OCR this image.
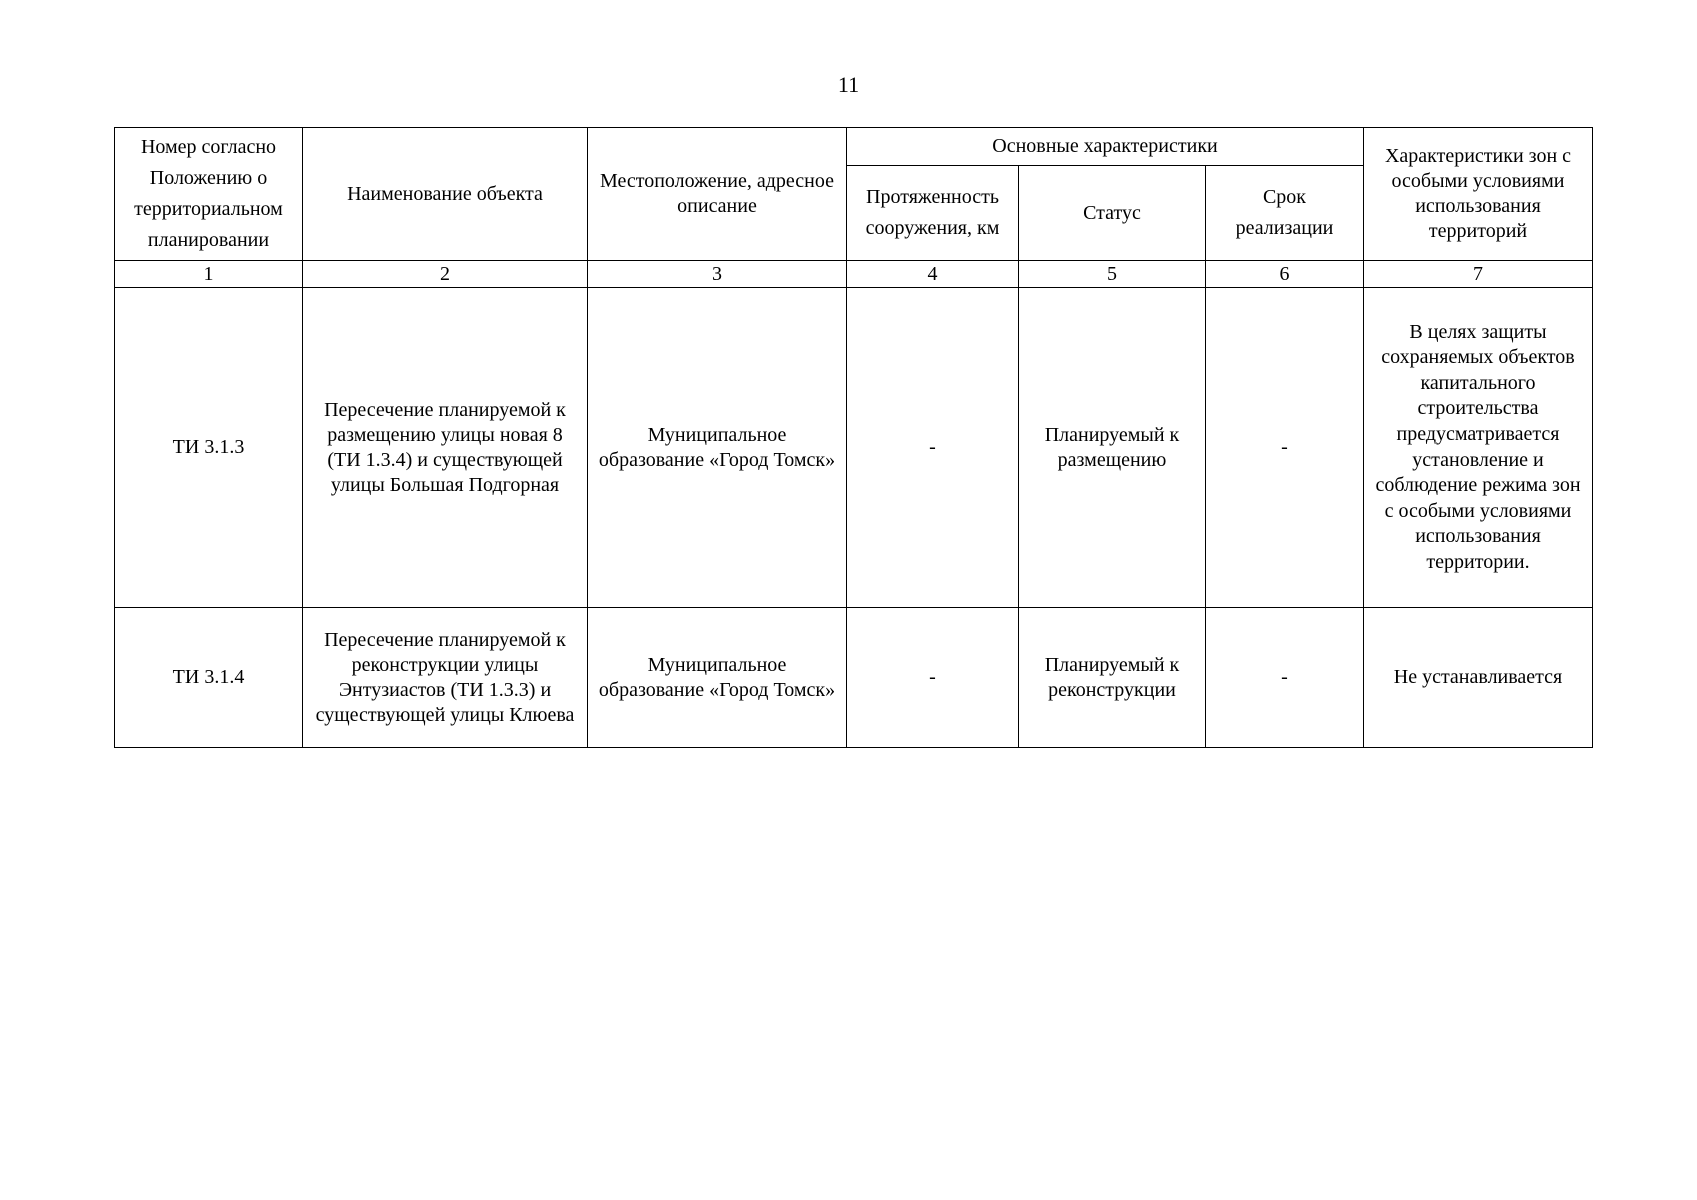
11
Номер согласно Положению о территориальном планировании	Наименование объекта	Местоположение, адресное описание	Основные характеристики			Характеристики зон с особыми условиями использования территорий
			Протяженность сооружения, км	Статус	Срок реализации	
1	2	3	4	5	6	7
ТИ 3.1.3	Пересечение планируемой к размещению улицы новая 8 (ТИ 1.3.4) и существующей улицы Большая Подгорная	Муниципальное образование «Город Томск»	-	Планируемый к размещению	-	В целях защиты сохраняемых объектов капитального строительства предусматривается установление и соблюдение режима зон с особыми условиями использования территории.
ТИ 3.1.4	Пересечение планируемой к реконструкции улицы Энтузиастов (ТИ 1.3.3) и существующей улицы Клюева	Муниципальное образование «Город Томск»	-	Планируемый к реконструкции	-	Не устанавливается
